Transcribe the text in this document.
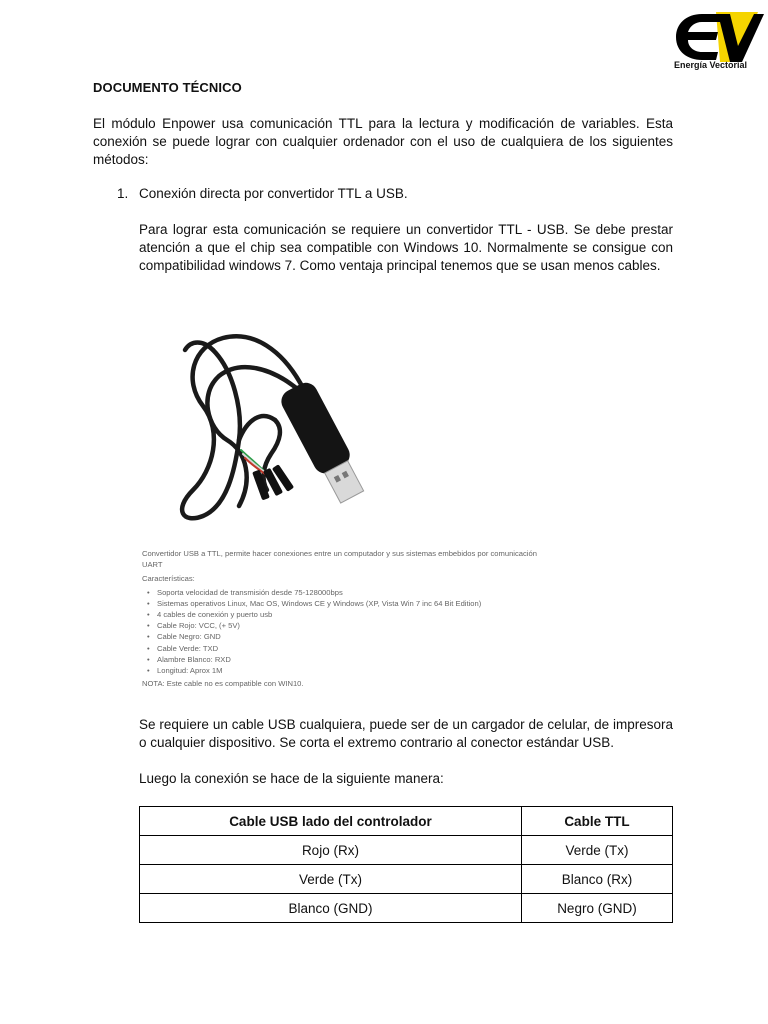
Energía Vectorial
DOCUMENTO TÉCNICO

El módulo Enpower usa comunicación TTL para la lectura y modificación de variables. Esta conexión se puede lograr con cualquier ordenador con el uso de cualquiera de los siguientes métodos:

1. Conexión directa por convertidor TTL a USB.

Para lograr esta comunicación se requiere un convertidor TTL - USB. Se debe prestar atención a que el chip sea compatible con Windows 10. Normalmente se consigue con compatibilidad windows 7. Como ventaja principal tenemos que se usan menos cables.

Convertidor USB a TTL, permite hacer conexiones entre un computador y sus sistemas embebidos por comunicación UART
Características:
• Soporta velocidad de transmisión desde 75-128000bps
• Sistemas operativos Linux, Mac OS, Windows CE y Windows (XP, Vista Win 7 inc 64 Bit Edition)
• 4 cables de conexión y puerto usb
• Cable Rojo: VCC, (+ 5V)
• Cable Negro: GND
• Cable Verde: TXD
• Alambre Blanco: RXD
• Longitud: Aprox 1M
NOTA: Este cable no es compatible con WIN10.

Se requiere un cable USB cualquiera, puede ser de un cargador de celular, de impresora o cualquier dispositivo. Se corta el extremo contrario al conector estándar USB.

Luego la conexión se hace de la siguiente manera:

Cable USB lado del controlador	Cable TTL
Rojo (Rx)	Verde (Tx)
Verde (Tx)	Blanco (Rx)
Blanco (GND)	Negro (GND)
